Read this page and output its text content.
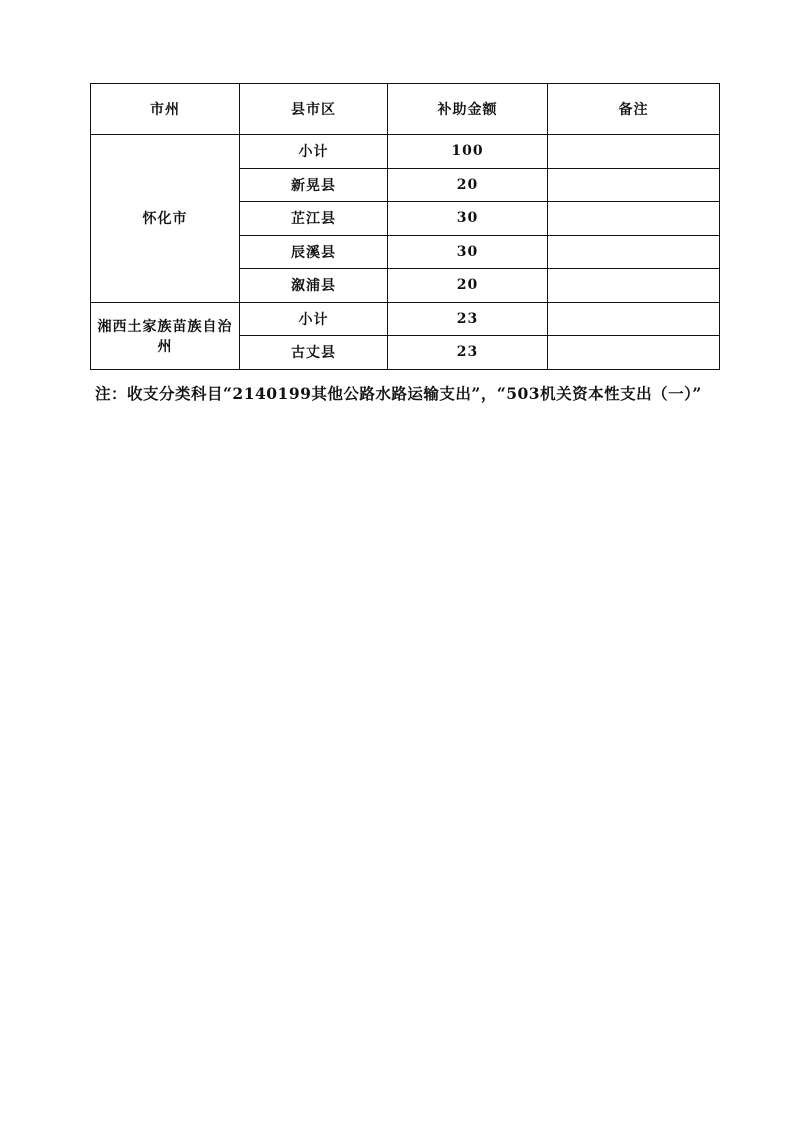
市州	县市区	补助金额	备注
怀化市	小计	100	
	新晃县	20	
	芷江县	30	
	辰溪县	30	
	溆浦县	20	
湘西土家族苗族自治州	小计	23	
	古丈县	23	
注：收支分类科目“2140199其他公路水路运输支出”，“503机关资本性支出（一）”
